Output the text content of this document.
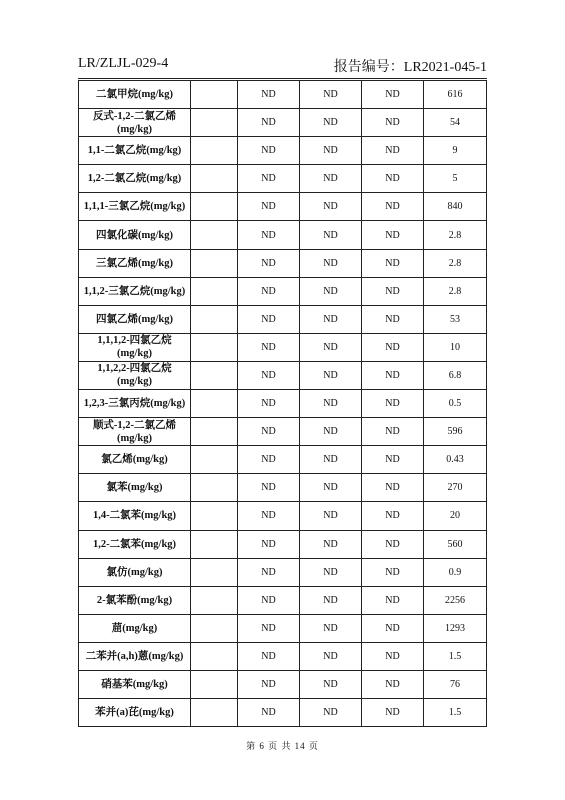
LR/ZLJL-029-4	报告编号：LR2021-045-1
二氯甲烷(mg/kg)		ND	ND	ND	616
反式-1,2-二氯乙烯(mg/kg)		ND	ND	ND	54
1,1-二氯乙烷(mg/kg)		ND	ND	ND	9
1,2-二氯乙烷(mg/kg)		ND	ND	ND	5
1,1,1-三氯乙烷(mg/kg)		ND	ND	ND	840
四氯化碳(mg/kg)		ND	ND	ND	2.8
三氯乙烯(mg/kg)		ND	ND	ND	2.8
1,1,2-三氯乙烷(mg/kg)		ND	ND	ND	2.8
四氯乙烯(mg/kg)		ND	ND	ND	53
1,1,1,2-四氯乙烷(mg/kg)		ND	ND	ND	10
1,1,2,2-四氯乙烷(mg/kg)		ND	ND	ND	6.8
1,2,3-三氯丙烷(mg/kg)		ND	ND	ND	0.5
顺式-1,2-二氯乙烯(mg/kg)		ND	ND	ND	596
氯乙烯(mg/kg)		ND	ND	ND	0.43
氯苯(mg/kg)		ND	ND	ND	270
1,4-二氯苯(mg/kg)		ND	ND	ND	20
1,2-二氯苯(mg/kg)		ND	ND	ND	560
氯仿(mg/kg)		ND	ND	ND	0.9
2-氯苯酚(mg/kg)		ND	ND	ND	2256
䓛(mg/kg)		ND	ND	ND	1293
二苯并(a,h)蒽(mg/kg)		ND	ND	ND	1.5
硝基苯(mg/kg)		ND	ND	ND	76
苯并(a)芘(mg/kg)		ND	ND	ND	1.5
第 6 页 共 14 页
